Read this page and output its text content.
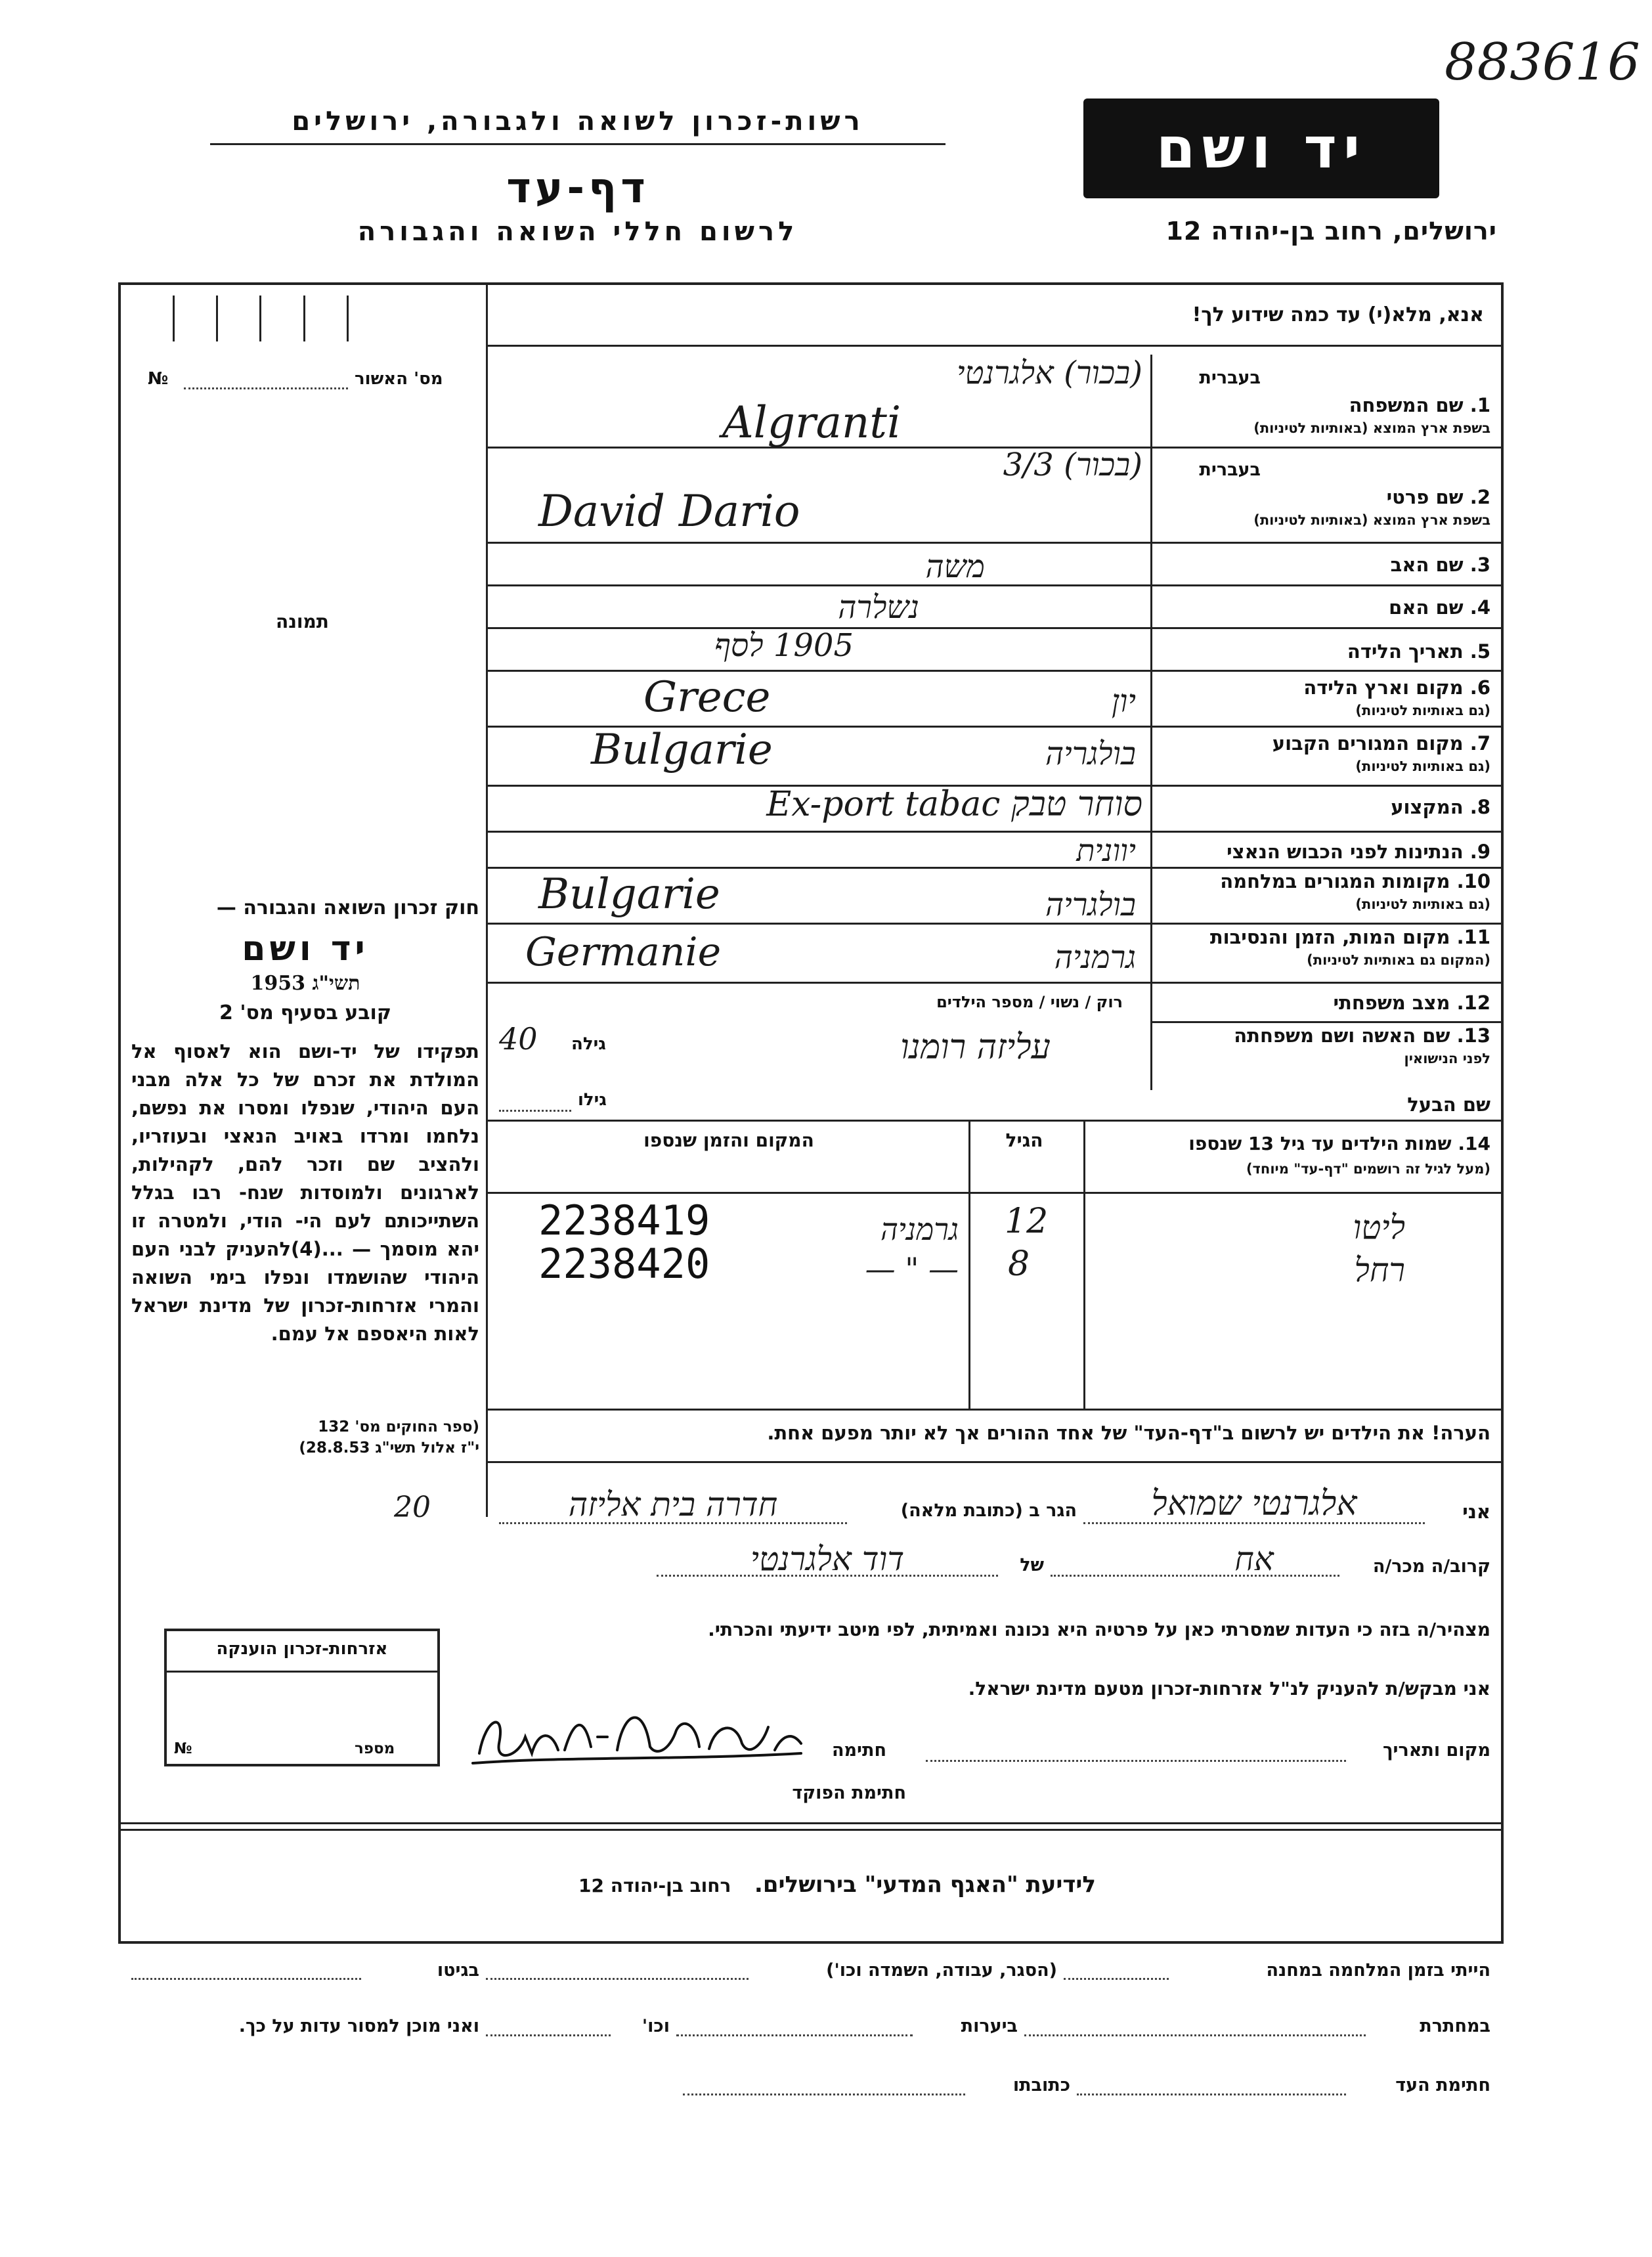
883616
רשות-זכרון לשואה ולגבורה, ירושלים
דף-עד
לרשום חללי השואה והגבורה
יד ושם
ירושלים, רחוב בן-יהודה 12
מס' האשור
№
תמונה
חוק זכרון השואה והגבורה —
יד ושם
1953 תשי"ג
קובע בסעיף מס' 2
תפקידו של יד-ושם הוא לאסוף אל המולדת את זכרם של כל אלה מבני העם היהודי, שנפלו ומסרו את נפשם, נלחמו ומרדו באויב הנאצי ובעוזריו, ולהציב שם וזכר להם, לקהילות, לארגונים ולמוסדות שנח- רבו בגלל השתייכותם לעם הי- הודי, ולמטרה זו יהא מוסמך — ...(4)להעניק לבני העם היהודי שהושמדו ונפלו בימי השואה והמרי אזרחות-זכרון של מדינת ישראל לאות היאספם אל עמם.
(ספר החוקים מס' 132
י"ז אלול תשי"ג 28.8.53)
אנא, מלא(י) עד כמה שידוע לך!
בעברית
1. שם המשפחה
בשפת ארץ המוצא (באותיות לטיניות)
בעברית
2. שם פרטי
בשפת ארץ המוצא (באותיות לטיניות)
3. שם האב
4. שם האם
5. תאריך הלידה
6. מקום וארץ הלידה
(גם באותיות לטיניות)
7. מקום המגורים הקבוע
(גם באותיות לטיניות)
8. המקצוע
9. הנתינות לפני הכבוש הנאצי
10. מקומות המגורים במלחמה
(גם באותיות לטיניות)
11. מקום המות, הזמן והנסיבות
(המקום גם באותיות לטיניות)
12. מצב משפחתי
רוק / נשוי / מספר הילדים
13. שם האשה ושם משפחתה
לפני הנישואין
גילה
40
שם הבעל
גילו
(בכור) אלגרנטי
Algranti
(בכור) 3/3
David Dario
משה
נשלרה
1905 לסף
יון
Grece
בולגריה
Bulgarie
סוחר טבק Ex-port tabac
יוונית
בולגריה
Bulgarie
גרמניה
Germanie
עליזה רומנו
14. שמות הילדים עד גיל 13 שנספו
(מעל לגיל זה רושמים "דף-עד" מיוחד)
הגיל
המקום והזמן שנספו
ליטו
12
גרמניה
2238419
רחל
8
— " —
2238420
הערה! את הילדים יש לרשום ב"דף-העד" של אחד ההורים אך לא יותר מפעם אחת.
אני
אלגרנטי שמואל
הגר ב (כתובת מלאה)
חדרה בית אליזה
20
קרוב/ה מכר/ה
אח
של
דוד אלגרנטי
מצהיר/ה בזה כי העדות שמסרתי כאן על פרטיה היא נכונה ואמיתית, לפי מיטב ידיעתי והכרתי.
אני מבקש/ת להעניק לנ"ל אזרחות-זכרון מטעם מדינת ישראל.
מקום ותאריך
חתימה
חתימת הפוקד
אזרחות-זכרון הוענקה
מספר
№
לידיעת "האגף המדעי" בירושלים. רחוב בן-יהודה 12
הייתי בזמן המלחמה במחנה
(הסגר, עבודה, השמדה וכו')
בגיטו
במחתרת
ביערות
וכו'
ואני מוכן למסור עדות על כך.
חתימת העד
כתובתו
